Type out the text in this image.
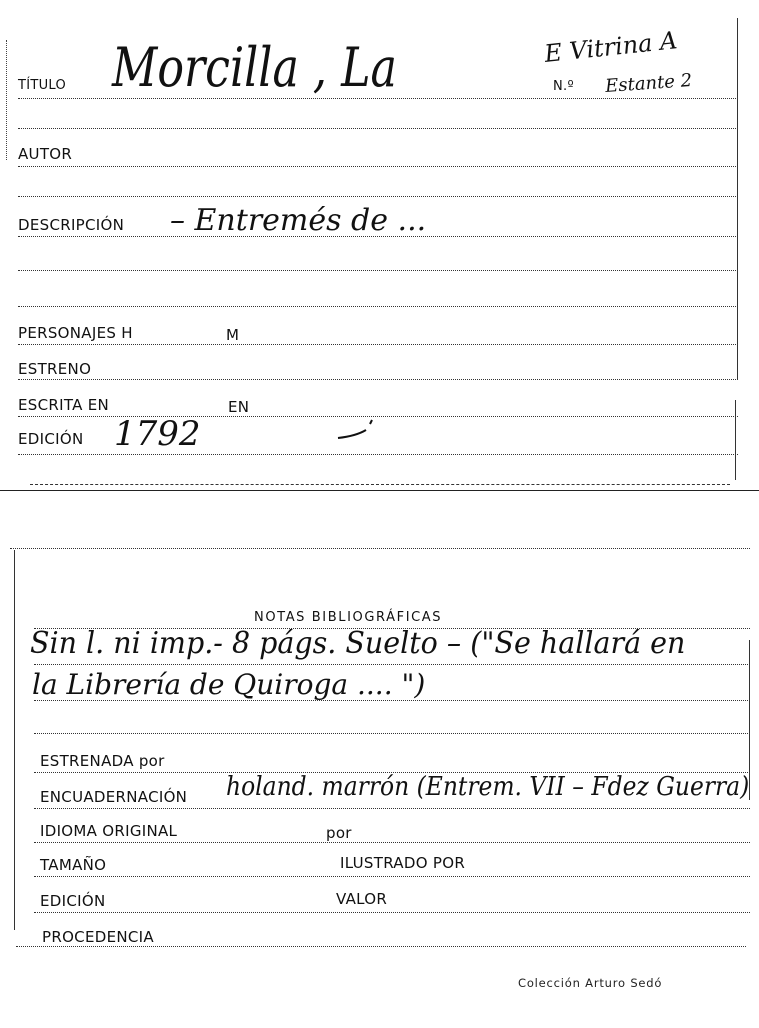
TÍTULO Morcilla , La	E Vitrina A
N.º Estante 2
AUTOR
DESCRIPCIÓN – Entremés de ...
PERSONAJES H	M
ESTRENO
ESCRITA EN	EN
EDICIÓN 1792
NOTAS BIBLIOGRÁFICAS
Sin l. ni imp.- 8 págs. Suelto – ("Se hallará en
la Librería de Quiroga .... ")
ESTRENADA por
ENCUADERNACIÓN holand. marrón (Entrem. VII – Fdez Guerra)
IDIOMA ORIGINAL	por
TAMAÑO	ILUSTRADO POR
EDICIÓN	VALOR
PROCEDENCIA
Colección Arturo Sedó
